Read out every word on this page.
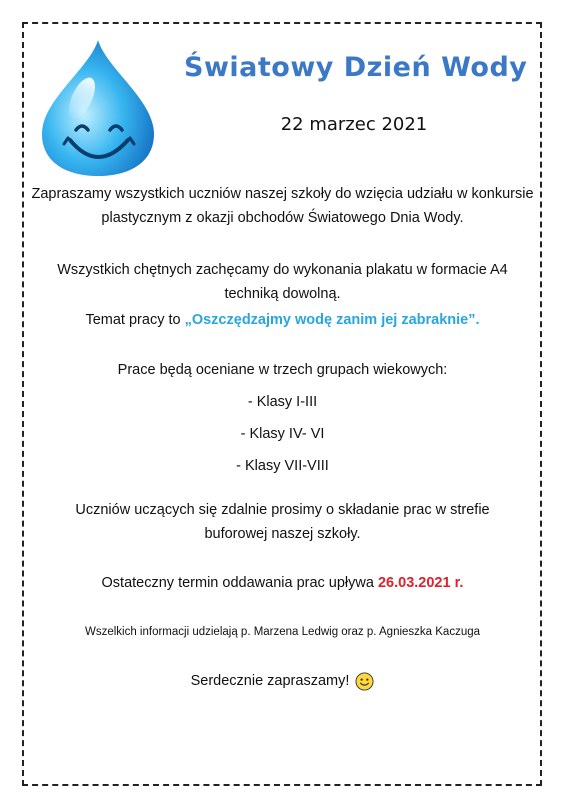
Światowy Dzień Wody
22 marzec 2021

Zapraszamy wszystkich uczniów naszej szkoły do wzięcia udziału w konkursie plastycznym z okazji obchodów Światowego Dnia Wody.

Wszystkich chętnych zachęcamy do wykonania plakatu w formacie A4 techniką dowolną.

Temat pracy to „Oszczędzajmy wodę zanim jej zabraknie”.

Prace będą oceniane w trzech grupach wiekowych:

- Klasy I-III

- Klasy IV- VI

- Klasy VII-VIII

Uczniów uczących się zdalnie prosimy o składanie prac w strefie buforowej naszej szkoły.

Ostateczny termin oddawania prac upływa 26.03.2021 r.

Wszelkich informacji udzielają p. Marzena Ledwig oraz p. Agnieszka Kaczuga

Serdecznie zapraszamy!
